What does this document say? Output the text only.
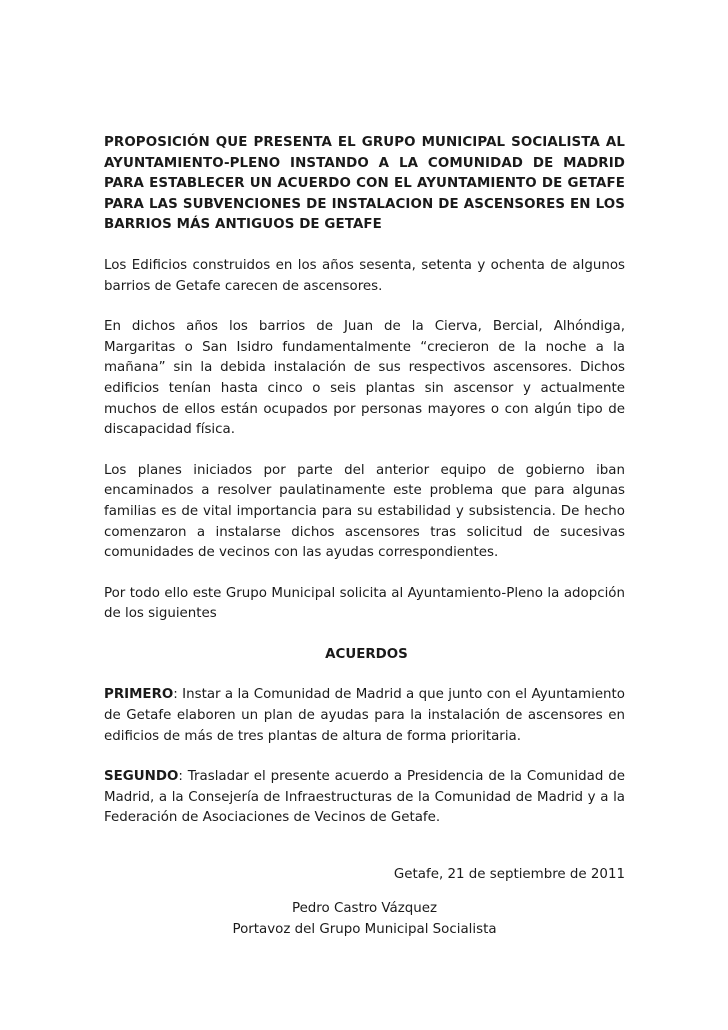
PROPOSICIÓN QUE PRESENTA EL GRUPO MUNICIPAL SOCIALISTA AL AYUNTAMIENTO-PLENO INSTANDO A LA COMUNIDAD DE MADRID PARA ESTABLECER UN ACUERDO CON EL AYUNTAMIENTO DE GETAFE PARA LAS SUBVENCIONES DE INSTALACION DE ASCENSORES EN LOS BARRIOS MÁS ANTIGUOS DE GETAFE

Los Edificios construidos en los años sesenta, setenta y ochenta de algunos barrios de Getafe carecen de ascensores.

En dichos años los barrios de Juan de la Cierva, Bercial, Alhóndiga, Margaritas o San Isidro fundamentalmente “crecieron de la noche a la mañana” sin la debida instalación de sus respectivos ascensores. Dichos edificios tenían hasta cinco o seis plantas sin ascensor y actualmente muchos de ellos están ocupados por personas mayores o con algún tipo de discapacidad física.

Los planes iniciados por parte del anterior equipo de gobierno iban encaminados a resolver paulatinamente este problema que para algunas familias es de vital importancia para su estabilidad y subsistencia. De hecho comenzaron a instalarse dichos ascensores tras solicitud de sucesivas comunidades de vecinos con las ayudas correspondientes.

Por todo ello este Grupo Municipal solicita al Ayuntamiento-Pleno la adopción de los siguientes

ACUERDOS

PRIMERO: Instar a la Comunidad de Madrid a que junto con el Ayuntamiento de Getafe elaboren un plan de ayudas para la instalación de ascensores en edificios de más de tres plantas de altura de forma prioritaria.

SEGUNDO: Trasladar el presente acuerdo a Presidencia de la Comunidad de Madrid, a la Consejería de Infraestructuras de la Comunidad de Madrid y a la Federación de Asociaciones de Vecinos de Getafe.

Getafe, 21 de septiembre de 2011

Pedro Castro Vázquez
Portavoz del Grupo Municipal Socialista
